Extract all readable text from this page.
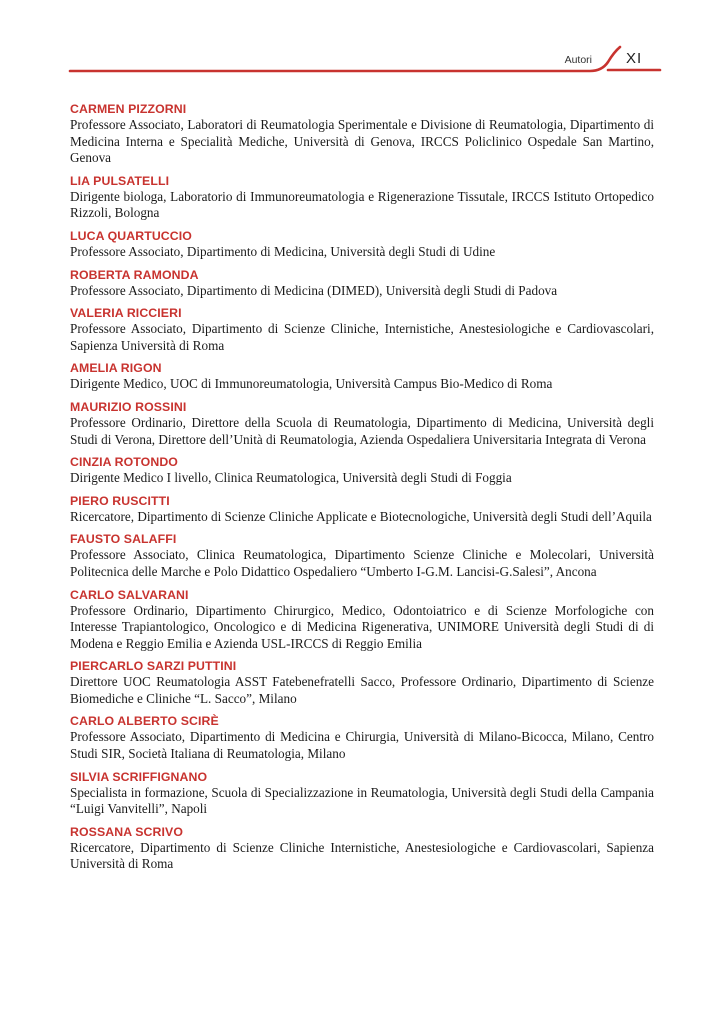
Autori XI
CARMEN PIZZORNI
Professore Associato, Laboratori di Reumatologia Sperimentale e Divisione di Reumatologia, Dipartimento di Medicina Interna e Specialità Mediche, Università di Genova, IRCCS Policlinico Ospedale San Martino, Genova
LIA PULSATELLI
Dirigente biologa, Laboratorio di Immunoreumatologia e Rigenerazione Tissutale, IRCCS Istituto Ortopedico Rizzoli, Bologna
LUCA QUARTUCCIO
Professore Associato, Dipartimento di Medicina, Università degli Studi di Udine
ROBERTA RAMONDA
Professore Associato, Dipartimento di Medicina (DIMED), Università degli Studi di Padova
VALERIA RICCIERI
Professore Associato, Dipartimento di Scienze Cliniche, Internistiche, Anestesiologiche e Cardiovascolari, Sapienza Università di Roma
AMELIA RIGON
Dirigente Medico, UOC di Immunoreumatologia, Università Campus Bio-Medico di Roma
MAURIZIO ROSSINI
Professore Ordinario, Direttore della Scuola di Reumatologia, Dipartimento di Medicina, Università degli Studi di Verona, Direttore dell’Unità di Reumatologia, Azienda Ospedaliera Universitaria Integrata di Verona
CINZIA ROTONDO
Dirigente Medico I livello, Clinica Reumatologica, Università degli Studi di Foggia
PIERO RUSCITTI
Ricercatore, Dipartimento di Scienze Cliniche Applicate e Biotecnologiche, Università degli Studi dell’Aquila
FAUSTO SALAFFI
Professore Associato, Clinica Reumatologica, Dipartimento Scienze Cliniche e Molecolari, Università Politecnica delle Marche e Polo Didattico Ospedaliero “Umberto I-G.M. Lancisi-G.Salesi”, Ancona
CARLO SALVARANI
Professore Ordinario, Dipartimento Chirurgico, Medico, Odontoiatrico e di Scienze Morfologiche con Interesse Trapiantologico, Oncologico e di Medicina Rigenerativa, UNIMORE Università degli Studi di di Modena e Reggio Emilia e Azienda USL-IRCCS di Reggio Emilia
PIERCARLO SARZI PUTTINI
Direttore UOC Reumatologia ASST Fatebenefratelli Sacco, Professore Ordinario, Dipartimento di Scienze Biomediche e Cliniche “L. Sacco”, Milano
CARLO ALBERTO SCIRÈ
Professore Associato, Dipartimento di Medicina e Chirurgia, Università di Milano-Bicocca, Milano, Centro Studi SIR, Società Italiana di Reumatologia, Milano
SILVIA SCRIFFIGNANO
Specialista in formazione, Scuola di Specializzazione in Reumatologia, Università degli Studi della Campania “Luigi Vanvitelli”, Napoli
ROSSANA SCRIVO
Ricercatore, Dipartimento di Scienze Cliniche Internistiche, Anestesiologiche e Cardiovascolari, Sapienza Università di Roma
